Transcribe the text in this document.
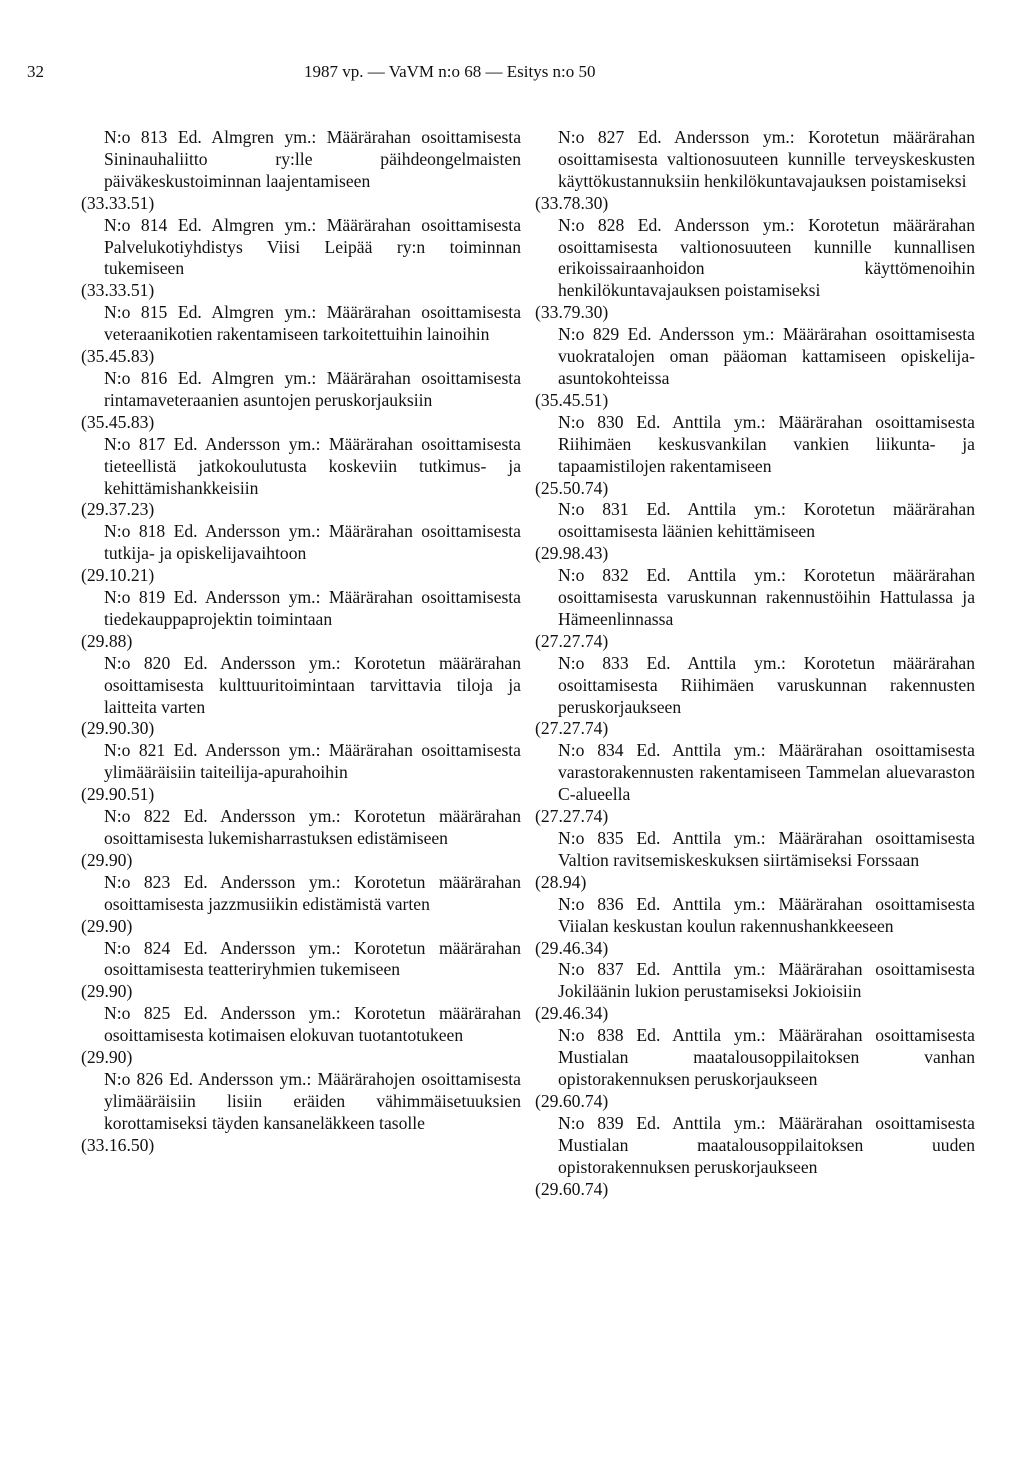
32	1987 vp. — VaVM n:o 68 — Esitys n:o 50
N:o 813 Ed. Almgren ym.: Määrärahan osoittamisesta Sininauhaliitto ry:lle päihdeongelmaisten päiväkeskustoiminnan laajentamiseen
(33.33.51)
N:o 814 Ed. Almgren ym.: Määrärahan osoittamisesta Palvelukotiyhdistys Viisi Leipää ry:n toiminnan tukemiseen
(33.33.51)
N:o 815 Ed. Almgren ym.: Määrärahan osoittamisesta veteraanikotien rakentamiseen tarkoitettuihin lainoihin
(35.45.83)
N:o 816 Ed. Almgren ym.: Määrärahan osoittamisesta rintamaveteraanien asuntojen peruskorjauksiin
(35.45.83)
N:o 817 Ed. Andersson ym.: Määrärahan osoittamisesta tieteellistä jatkokoulutusta koskeviin tutkimus- ja kehittämishankkeisiin
(29.37.23)
N:o 818 Ed. Andersson ym.: Määrärahan osoittamisesta tutkija- ja opiskelijavaihtoon
(29.10.21)
N:o 819 Ed. Andersson ym.: Määrärahan osoittamisesta tiedekauppaprojektin toimintaan
(29.88)
N:o 820 Ed. Andersson ym.: Korotetun määrärahan osoittamisesta kulttuuritoimintaan tarvittavia tiloja ja laitteita varten
(29.90.30)
N:o 821 Ed. Andersson ym.: Määrärahan osoittamisesta ylimääräisiin taiteilija-apurahoihin
(29.90.51)
N:o 822 Ed. Andersson ym.: Korotetun määrärahan osoittamisesta lukemisharrastuksen edistämiseen
(29.90)
N:o 823 Ed. Andersson ym.: Korotetun määrärahan osoittamisesta jazzmusiikin edistämistä varten
(29.90)
N:o 824 Ed. Andersson ym.: Korotetun määrärahan osoittamisesta teatteriryhmien tukemiseen
(29.90)
N:o 825 Ed. Andersson ym.: Korotetun määrärahan osoittamisesta kotimaisen elokuvan tuotantotukeen
(29.90)
N:o 826 Ed. Andersson ym.: Määrärahojen osoittamisesta ylimääräisiin lisiin eräiden vähimmäisetuuksien korottamiseksi täyden kansaneläkkeen tasolle
(33.16.50)
N:o 827 Ed. Andersson ym.: Korotetun määrärahan osoittamisesta valtionosuuteen kunnille terveyskeskusten käyttökustannuksiin henkilökuntavajauksen poistamiseksi
(33.78.30)
N:o 828 Ed. Andersson ym.: Korotetun määrärahan osoittamisesta valtionosuuteen kunnille kunnallisen erikoissairaanhoidon käyttömenoihin henkilökuntavajauksen poistamiseksi
(33.79.30)
N:o 829 Ed. Andersson ym.: Määrärahan osoittamisesta vuokratalojen oman pääoman kattamiseen opiskelija-asuntokohteissa
(35.45.51)
N:o 830 Ed. Anttila ym.: Määrärahan osoittamisesta Riihimäen keskusvankilan vankien liikunta- ja tapaamistilojen rakentamiseen
(25.50.74)
N:o 831 Ed. Anttila ym.: Korotetun määrärahan osoittamisesta läänien kehittämiseen
(29.98.43)
N:o 832 Ed. Anttila ym.: Korotetun määrärahan osoittamisesta varuskunnan rakennustöihin Hattulassa ja Hämeenlinnassa
(27.27.74)
N:o 833 Ed. Anttila ym.: Korotetun määrärahan osoittamisesta Riihimäen varuskunnan rakennusten peruskorjaukseen
(27.27.74)
N:o 834 Ed. Anttila ym.: Määrärahan osoittamisesta varastorakennusten rakentamiseen Tammelan aluevaraston C-alueella
(27.27.74)
N:o 835 Ed. Anttila ym.: Määrärahan osoittamisesta Valtion ravitsemiskeskuksen siirtämiseksi Forssaan
(28.94)
N:o 836 Ed. Anttila ym.: Määrärahan osoittamisesta Viialan keskustan koulun rakennushankkeeseen
(29.46.34)
N:o 837 Ed. Anttila ym.: Määrärahan osoittamisesta Jokiläänin lukion perustamiseksi Jokioisiin
(29.46.34)
N:o 838 Ed. Anttila ym.: Määrärahan osoittamisesta Mustialan maatalousoppilaitoksen vanhan opistorakennuksen peruskorjaukseen
(29.60.74)
N:o 839 Ed. Anttila ym.: Määrärahan osoittamisesta Mustialan maatalousoppilaitoksen uuden opistorakennuksen peruskorjaukseen
(29.60.74)
